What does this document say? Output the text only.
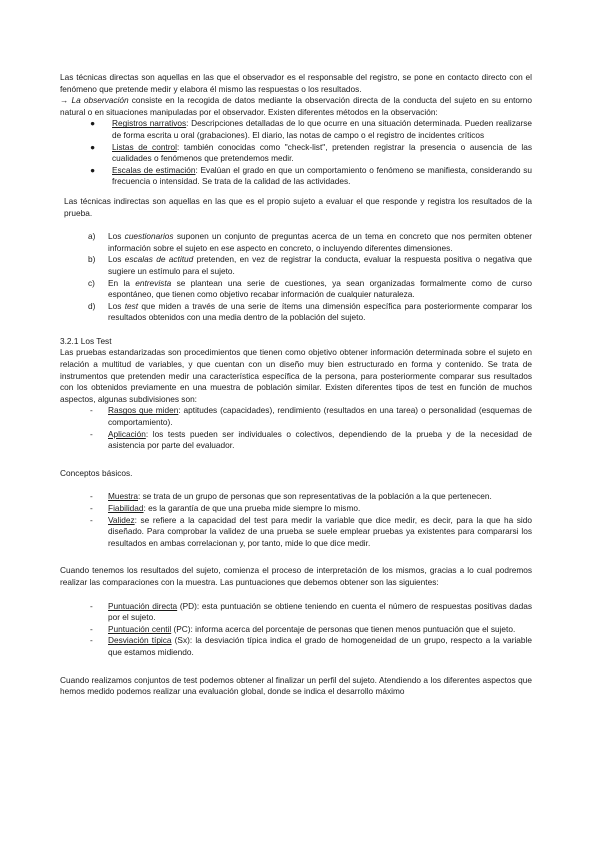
Las técnicas directas son aquellas en las que el observador es el responsable del registro, se pone en contacto directo con el fenómeno que pretende medir y elabora él mismo las respuestas o los resultados.

→ La observación consiste en la recogida de datos mediante la observación directa de la conducta del sujeto en su entorno natural o en situaciones manipuladas por el observador. Existen diferentes métodos en la observación:

● Registros narrativos: Descripciones detalladas de lo que ocurre en una situación determinada. Pueden realizarse de forma escrita u oral (grabaciones). El diario, las notas de campo o el registro de incidentes críticos
● Listas de control: también conocidas como "check-list", pretenden registrar la presencia o ausencia de las cualidades o fenómenos que pretendemos medir.
● Escalas de estimación: Evalúan el grado en que un comportamiento o fenómeno se manifiesta, considerando su frecuencia o intensidad. Se trata de la calidad de las actividades.

Las técnicas indirectas son aquellas en las que es el propio sujeto a evaluar el que responde y registra los resultados de la prueba.

a) Los cuestionarios suponen un conjunto de preguntas acerca de un tema en concreto que nos permiten obtener información sobre el sujeto en ese aspecto en concreto, o incluyendo diferentes dimensiones.
b) Los escalas de actitud pretenden, en vez de registrar la conducta, evaluar la respuesta positiva o negativa que sugiere un estímulo para el sujeto.
c) En la entrevista se plantean una serie de cuestiones, ya sean organizadas formalmente como de curso espontáneo, que tienen como objetivo recabar información de cualquier naturaleza.
d) Los test que miden a través de una serie de ítems una dimensión específica para posteriormente comparar los resultados obtenidos con una media dentro de la población del sujeto.

3.2.1 Los Test

Las pruebas estandarizadas son procedimientos que tienen como objetivo obtener información determinada sobre el sujeto en relación a multitud de variables, y que cuentan con un diseño muy bien estructurado en forma y contenido. Se trata de instrumentos que pretenden medir una característica específica de la persona, para posteriormente comparar sus resultados con los obtenidos previamente en una muestra de población similar. Existen diferentes tipos de test en función de muchos aspectos, algunas subdivisiones son:

- Rasgos que miden: aptitudes (capacidades), rendimiento (resultados en una tarea) o personalidad (esquemas de comportamiento).
- Aplicación: los tests pueden ser individuales o colectivos, dependiendo de la prueba y de la necesidad de asistencia por parte del evaluador.

Conceptos básicos.

- Muestra: se trata de un grupo de personas que son representativas de la población a la que pertenecen.
- Fiabilidad: es la garantía de que una prueba mide siempre lo mismo.
- Validez: se refiere a la capacidad del test para medir la variable que dice medir, es decir, para la que ha sido diseñado. Para comprobar la validez de una prueba se suele emplear pruebas ya existentes para compararsi los resultados en ambas correlacionan y, por tanto, mide lo que dice medir.

Cuando tenemos los resultados del sujeto, comienza el proceso de interpretación de los mismos, gracias a lo cual podremos realizar las comparaciones con la muestra. Las puntuaciones que debemos obtener son las siguientes:

- Puntuación directa (PD): esta puntuación se obtiene teniendo en cuenta el número de respuestas positivas dadas por el sujeto.
- Puntuación centil (PC): informa acerca del porcentaje de personas que tienen menos puntuación que el sujeto.
- Desviación típica (Sx): la desviación típica indica el grado de homogeneidad de un grupo, respecto a la variable que estamos midiendo.

Cuando realizamos conjuntos de test podemos obtener al finalizar un perfil del sujeto. Atendiendo a los diferentes aspectos que hemos medido podemos realizar una evaluación global, donde se indica el desarrollo máximo
